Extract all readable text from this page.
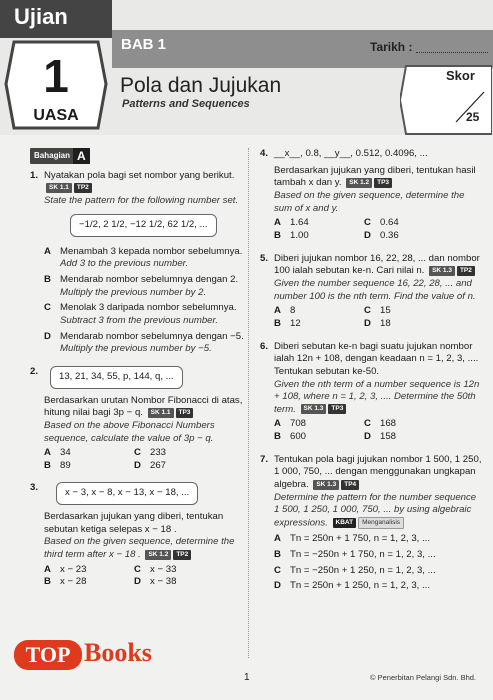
Ujian
1
UASA
BAB 1	Tarikh :
Pola dan Jujukan
Patterns and Sequences
Skor
25
Bahagian A
1. Nyatakan pola bagi set nombor yang berikut. SK 1.1 TP2
State the pattern for the following number set.
−1/2, 2 1/2, −12 1/2, 62 1/2, ...
A Menambah 3 kepada nombor sebelumnya.
Add 3 to the previous number.
B Mendarab nombor sebelumnya dengan 2.
Multiply the previous number by 2.
C Menolak 3 daripada nombor sebelumnya.
Subtract 3 from the previous number.
D Mendarab nombor sebelumnya dengan −5.
Multiply the previous number by −5.
2. 13, 21, 34, 55, p, 144, q, ...
Berdasarkan urutan Nombor Fibonacci di atas, hitung nilai bagi 3p − q. SK 1.1 TP3
Based on the above Fibonacci Numbers sequence, calculate the value of 3p − q.
A 34	C 233
B 89	D 267
3.	x − 3, x − 8, x − 13, x − 18, ...
Berdasarkan jujukan yang diberi, tentukan sebutan ketiga selepas x − 18 .
Based on the given sequence, determine the third term after x − 18 . SK 1.2 TP2
A x − 23	C x − 33
B x − 28	D x − 38
4. __x__, 0.8, __y__, 0.512, 0.4096, ...
Berdasarkan jujukan yang diberi, tentukan hasil tambah x dan y. SK 1.2 TP3
Based on the given sequence, determine the sum of x and y.
A 1.64	C 0.64
B 1.00	D 0.36
5. Diberi jujukan nombor 16, 22, 28, ... dan nombor 100 ialah sebutan ke-n. Cari nilai n. SK 1.3 TP2
Given the number sequence 16, 22, 28, ... and number 100 is the nth term. Find the value of n.
A 8	C 15
B 12	D 18
6. Diberi sebutan ke-n bagi suatu jujukan nombor ialah 12n + 108, dengan keadaan n = 1, 2, 3, .... Tentukan sebutan ke-50.
Given the nth term of a number sequence is 12n + 108, where n = 1, 2, 3, .... Determine the 50th term. SK 1.3 TP3
A 708	C 168
B 600	D 158
7. Tentukan pola bagi jujukan nombor 1 500, 1 250, 1 000, 750, ... dengan menggunakan ungkapan algebra. SK 1.3 TP4
Determine the pattern for the number sequence 1 500, 1 250, 1 000, 750, ... by using algebraic expressions. KBAT Menganalisis
A Tn = 250n + 1 750, n = 1, 2, 3, ...
B Tn = −250n + 1 750, n = 1, 2, 3, ...
C Tn = −250n + 1 250, n = 1, 2, 3, ...
D Tn = 250n + 1 250, n = 1, 2, 3, ...
TOP Books
1	© Penerbitan Pelangi Sdn. Bhd.
